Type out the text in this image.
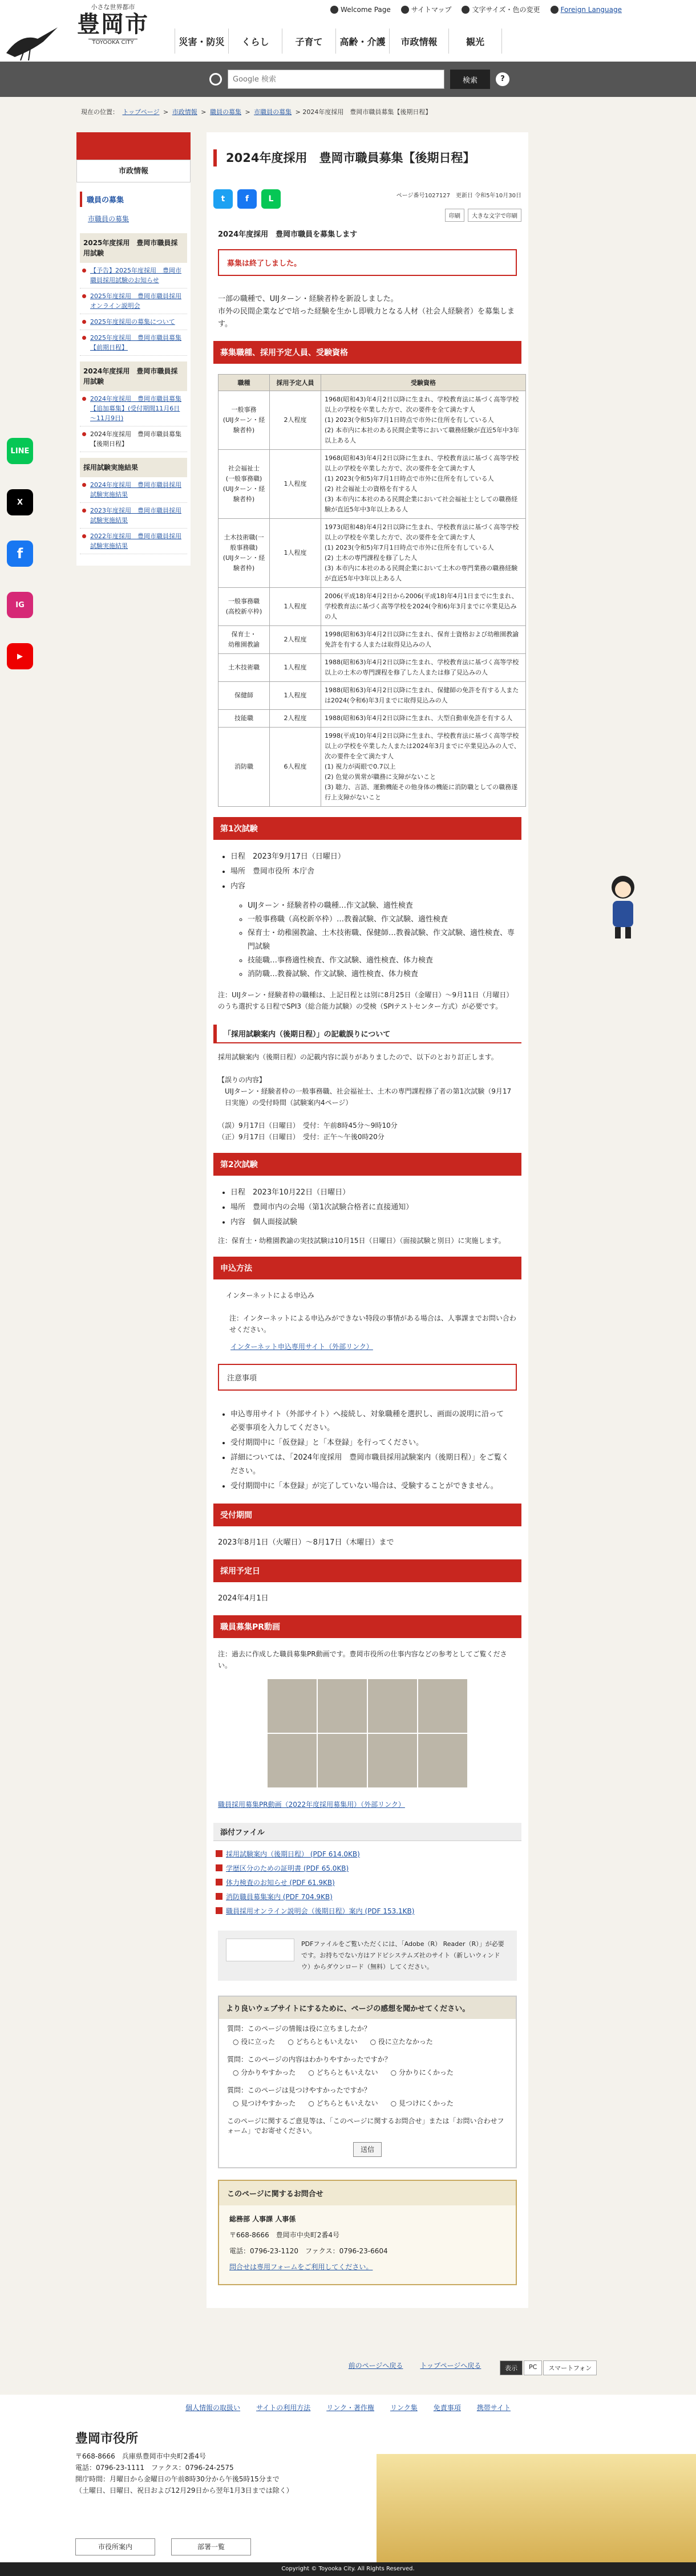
小さな世界都市
豊岡市
TOYOOKA CITY
Welcome Page	サイトマップ	文字サイズ・色の変更	Foreign Language
災害・防災	くらし	子育て	高齢・介護	市政情報	観光
Google 検索
検索	?
現在の位置： トップページ > 市政情報 > 職員の募集 > 市職員の募集 > 2024年度採用　豊岡市職員募集【後期日程】
市政情報
職員の募集
市職員の募集
2025年度採用　豊岡市職員採用試験
【予告】2025年度採用　豊岡市職員採用試験のお知らせ
2025年度採用　豊岡市職員採用オンライン説明会
2025年度採用の募集について
2025年度採用　豊岡市職員募集【前期日程】
2024年度採用　豊岡市職員採用試験
2024年度採用　豊岡市職員募集【追加募集】(受付期間11月6日～11月9日)
2024年度採用　豊岡市職員募集【後期日程】
採用試験実施結果
2024年度採用　豊岡市職員採用試験実施結果
2023年度採用　豊岡市職員採用試験実施結果
2022年度採用　豊岡市職員採用試験実施結果
LINE
X
f
IG
▶
2024年度採用　豊岡市職員募集【後期日程】
t	f	L	ページ番号1027127　 更新日 令和5年10月30日
印刷	大きな文字で印刷
2024年度採用　豊岡市職員を募集します
募集は終了しました。
一部の職種で、UIJターン・経験者枠を新設しました。
市外の民間企業などで培った経験を生かし即戦力となる人材（社会人経験者）を募集します。
募集職種、採用予定人員、受験資格
職種	採用予定人員	受験資格
一般事務
(UIJターン・経験者枠)	2人程度	1968(昭和43)年4月2日以降に生まれ、学校教育法に基づく高等学校以上の学校を卒業した方で、次の要件を全て満たす人
(1) 2023(令和5)年7月1日時点で市外に住所を有している人
(2) 本市内に本社のある民間企業等において職務経験が直近5年中3年以上ある人
社会福祉士
(一般事務職)
(UIJターン・経験者枠)	1人程度	1968(昭和43)年4月2日以降に生まれ、学校教育法に基づく高等学校以上の学校を卒業した方で、次の要件を全て満たす人
(1) 2023(令和5)年7月1日時点で市外に住所を有している人
(2) 社会福祉士の資格を有する人
(3) 本市内に本社のある民間企業において社会福祉士としての職務経験が直近5年中3年以上ある人
土木技術職(一般事務職)
(UIJターン・経験者枠)	1人程度	1973(昭和48)年4月2日以降に生まれ、学校教育法に基づく高等学校以上の学校を卒業した方で、次の要件を全て満たす人
(1) 2023(令和5)年7月1日時点で市外に住所を有している人
(2) 土木の専門課程を修了した人
(3) 本市内に本社のある民間企業において土木の専門業務の職務経験が直近5年中3年以上ある人
一般事務職
(高校新卒枠)	1人程度	2006(平成18)年4月2日から2006(平成18)年4月1日までに生まれ、学校教育法に基づく高等学校を2024(令和6)年3月までに卒業見込みの人
保育士・
幼稚園教諭	2人程度	1998(昭和63)年4月2日以降に生まれ、保育士資格および幼稚園教諭免許を有する人または取得見込みの人
土木技術職	1人程度	1988(昭和63)年4月2日以降に生まれ、学校教育法に基づく高等学校以上の土木の専門課程を修了した人または修了見込みの人
保健師	1人程度	1988(昭和63)年4月2日以降に生まれ、保健師の免許を有する人または2024(令和6)年3月までに取得見込みの人
技能職	2人程度	1988(昭和63)年4月2日以降に生まれ、大型自動車免許を有する人
消防職	6人程度	1998(平成10)年4月2日以降に生まれ、学校教育法に基づく高等学校以上の学校を卒業した人または2024年3月までに卒業見込みの人で、次の要件を全て満たす人
(1) 視力が両眼で0.7以上
(2) 色覚の異常が職務に支障がないこと
(3) 聴力、言語、運動機能その他身体の機能に消防職としての職務遂行上支障がないこと
第1次試験
• 日程　2023年9月17日（日曜日）
• 場所　豊岡市役所 本庁舎
• 内容
◦ UIJターン・経験者枠の職種…作文試験、適性検査
◦ 一般事務職（高校新卒枠）…教養試験、作文試験、適性検査
◦ 保育士・幼稚園教諭、土木技術職、保健師…教養試験、作文試験、適性検査、専門試験
◦ 技能職…事務適性検査、作文試験、適性検査、体力検査
◦ 消防職…教養試験、作文試験、適性検査、体力検査
注：UIJターン・経験者枠の職種は、上記日程とは別に8月25日（金曜日）～9月11日（月曜日）のうち選択する日程でSPI3（総合能力試験）の受検（SPIテストセンター方式）が必要です。
「採用試験案内（後期日程）」の記載誤りについて
採用試験案内（後期日程）の記載内容に誤りがありましたので、以下のとおり訂正します。

【誤りの内容】
UIJターン・経験者枠の一般事務職、社会福祉士、土木の専門課程修了者の第1次試験（9月17日実施）の受付時間（試験案内4ページ）

（誤）9月17日（日曜日）　受付：午前8時45分～9時10分
（正）9月17日（日曜日）　受付：正午～午後0時20分
第2次試験
• 日程　2023年10月22日（日曜日）
• 場所　豊岡市内の会場（第1次試験合格者に直接通知）
• 内容　個人面接試験
注：保育士・幼稚園教諭の実技試験は10月15日（日曜日）（面接試験と別日）に実施します。
申込方法
インターネットによる申込み

注：インターネットによる申込みができない特段の事情がある場合は、人事課までお問い合わせください。
インターネット申込専用サイト（外部リンク）
注意事項
• 申込専用サイト（外部サイト）へ接続し、対象職種を選択し、画面の説明に沿って必要事項を入力してください。
• 受付期間中に「仮登録」と「本登録」を行ってください。
• 詳細については、「2024年度採用　豊岡市職員採用試験案内（後期日程）」をご覧ください。
• 受付期間中に「本登録」が完了していない場合は、受験することができません。
受付期間
2023年8月1日（火曜日）～8月17日（木曜日）まで
採用予定日
2024年4月1日
職員募集PR動画
注：過去に作成した職員募集PR動画です。豊岡市役所の仕事内容などの参考としてご覧ください。
職員採用募集PR動画（2022年度採用募集用）（外部リンク）
添付ファイル
採用試験案内（後期日程） (PDF 614.0KB)
学歴区分のための証明書 (PDF 65.0KB)
体力検査のお知らせ (PDF 61.9KB)
消防職員募集案内 (PDF 704.9KB)
職員採用オンライン説明会（後期日程）案内 (PDF 153.1KB)
PDFファイルをご覧いただくには、「Adobe（R） Reader（R）」が必要です。お持ちでない方はアドビシステムズ社のサイト（新しいウィンドウ）からダウンロード（無料）してください。
より良いウェブサイトにするために、ページの感想を聞かせてください。
質問：このページの情報は役に立ちましたか？
○ 役に立った ○ どちらともいえない ○ 役に立たなかった
質問：このページの内容はわかりやすかったですか？
○ 分かりやすかった ○ どちらともいえない ○ 分かりにくかった
質問：このページは見つけやすかったですか？
○ 見つけやすかった ○ どちらともいえない ○ 見つけにくかった
このページに関するご意見等は、「このページに関するお問合せ」または「お問い合わせフォーム」でお寄せください。
送信
このページに関するお問合せ
総務部 人事課 人事係
〒668-8666　豊岡市中央町2番4号
電話：0796-23-1120　ファクス：0796-23-6604
問合せは専用フォームをご利用してください。
前のページへ戻る	トップページへ戻る	表示	PC	スマートフォン
個人情報の取扱い サイトの利用方法 リンク・著作権 リンク集 免責事項 携帯サイト
豊岡市役所
〒668-8666　兵庫県豊岡市中央町2番4号
電話：0796-23-1111　ファクス：0796-24-2575
開庁時間：月曜日から金曜日の午前8時30分から午後5時15分まで
（土曜日、日曜日、祝日および12月29日から翌年1月3日までは除く）
市役所案内	部署一覧
Copyright © Toyooka City. All Rights Reserved.
